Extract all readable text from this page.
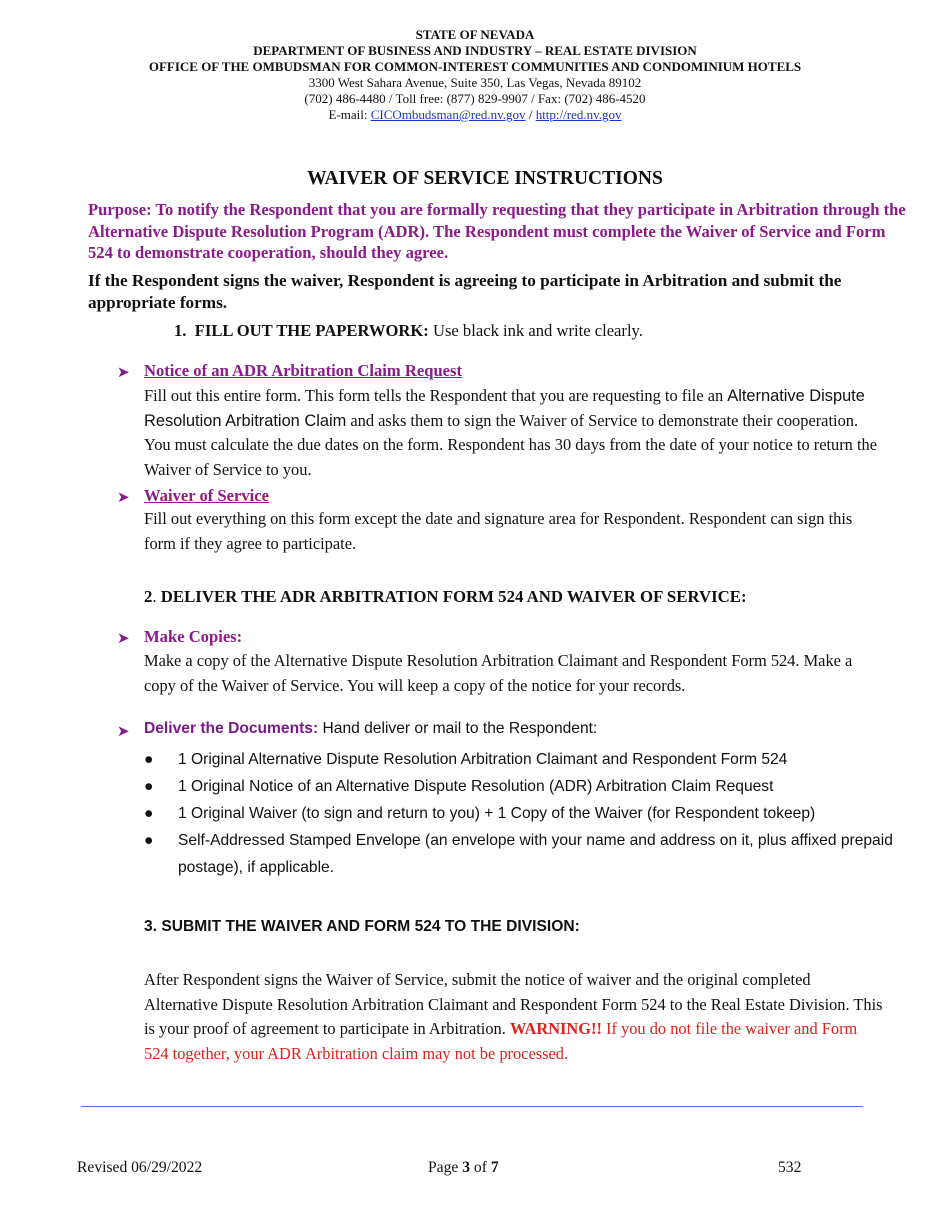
STATE OF NEVADA
DEPARTMENT OF BUSINESS AND INDUSTRY – REAL ESTATE DIVISION
OFFICE OF THE OMBUDSMAN FOR COMMON-INTEREST COMMUNITIES AND CONDOMINIUM HOTELS
3300 West Sahara Avenue, Suite 350, Las Vegas, Nevada 89102
(702) 486-4480 / Toll free: (877) 829-9907 / Fax: (702) 486-4520
E-mail: CICOmbudsman@red.nv.gov / http://red.nv.gov
WAIVER OF SERVICE INSTRUCTIONS
Purpose: To notify the Respondent that you are formally requesting that they participate in Arbitration through the Alternative Dispute Resolution Program (ADR). The Respondent must complete the Waiver of Service and Form 524 to demonstrate cooperation, should they agree.
If the Respondent signs the waiver, Respondent is agreeing to participate in Arbitration and submit the appropriate forms.
1. FILL OUT THE PAPERWORK: Use black ink and write clearly.
➤ Notice of an ADR Arbitration Claim Request
Fill out this entire form. This form tells the Respondent that you are requesting to file an Alternative Dispute Resolution Arbitration Claim and asks them to sign the Waiver of Service to demonstrate their cooperation. You must calculate the due dates on the form. Respondent has 30 days from the date of your notice to return the Waiver of Service to you.
➤ Waiver of Service
Fill out everything on this form except the date and signature area for Respondent. Respondent can sign this form if they agree to participate.
2. DELIVER THE ADR ARBITRATION FORM 524 AND WAIVER OF SERVICE:
➤ Make Copies:
Make a copy of the Alternative Dispute Resolution Arbitration Claimant and Respondent Form 524. Make a copy of the Waiver of Service. You will keep a copy of the notice for your records.
➤ Deliver the Documents: Hand deliver or mail to the Respondent:
● 1 Original Alternative Dispute Resolution Arbitration Claimant and Respondent Form 524
● 1 Original Notice of an Alternative Dispute Resolution (ADR) Arbitration Claim Request
● 1 Original Waiver (to sign and return to you) + 1 Copy of the Waiver (for Respondent tokeep)
● Self-Addressed Stamped Envelope (an envelope with your name and address on it, plus affixed prepaid postage), if applicable.
3. SUBMIT THE WAIVER AND FORM 524 TO THE DIVISION:
After Respondent signs the Waiver of Service, submit the notice of waiver and the original completed Alternative Dispute Resolution Arbitration Claimant and Respondent Form 524 to the Real Estate Division. This is your proof of agreement to participate in Arbitration. WARNING!! If you do not file the waiver and Form 524 together, your ADR Arbitration claim may not be processed.
Revised 06/29/2022	Page 3 of 7	532
